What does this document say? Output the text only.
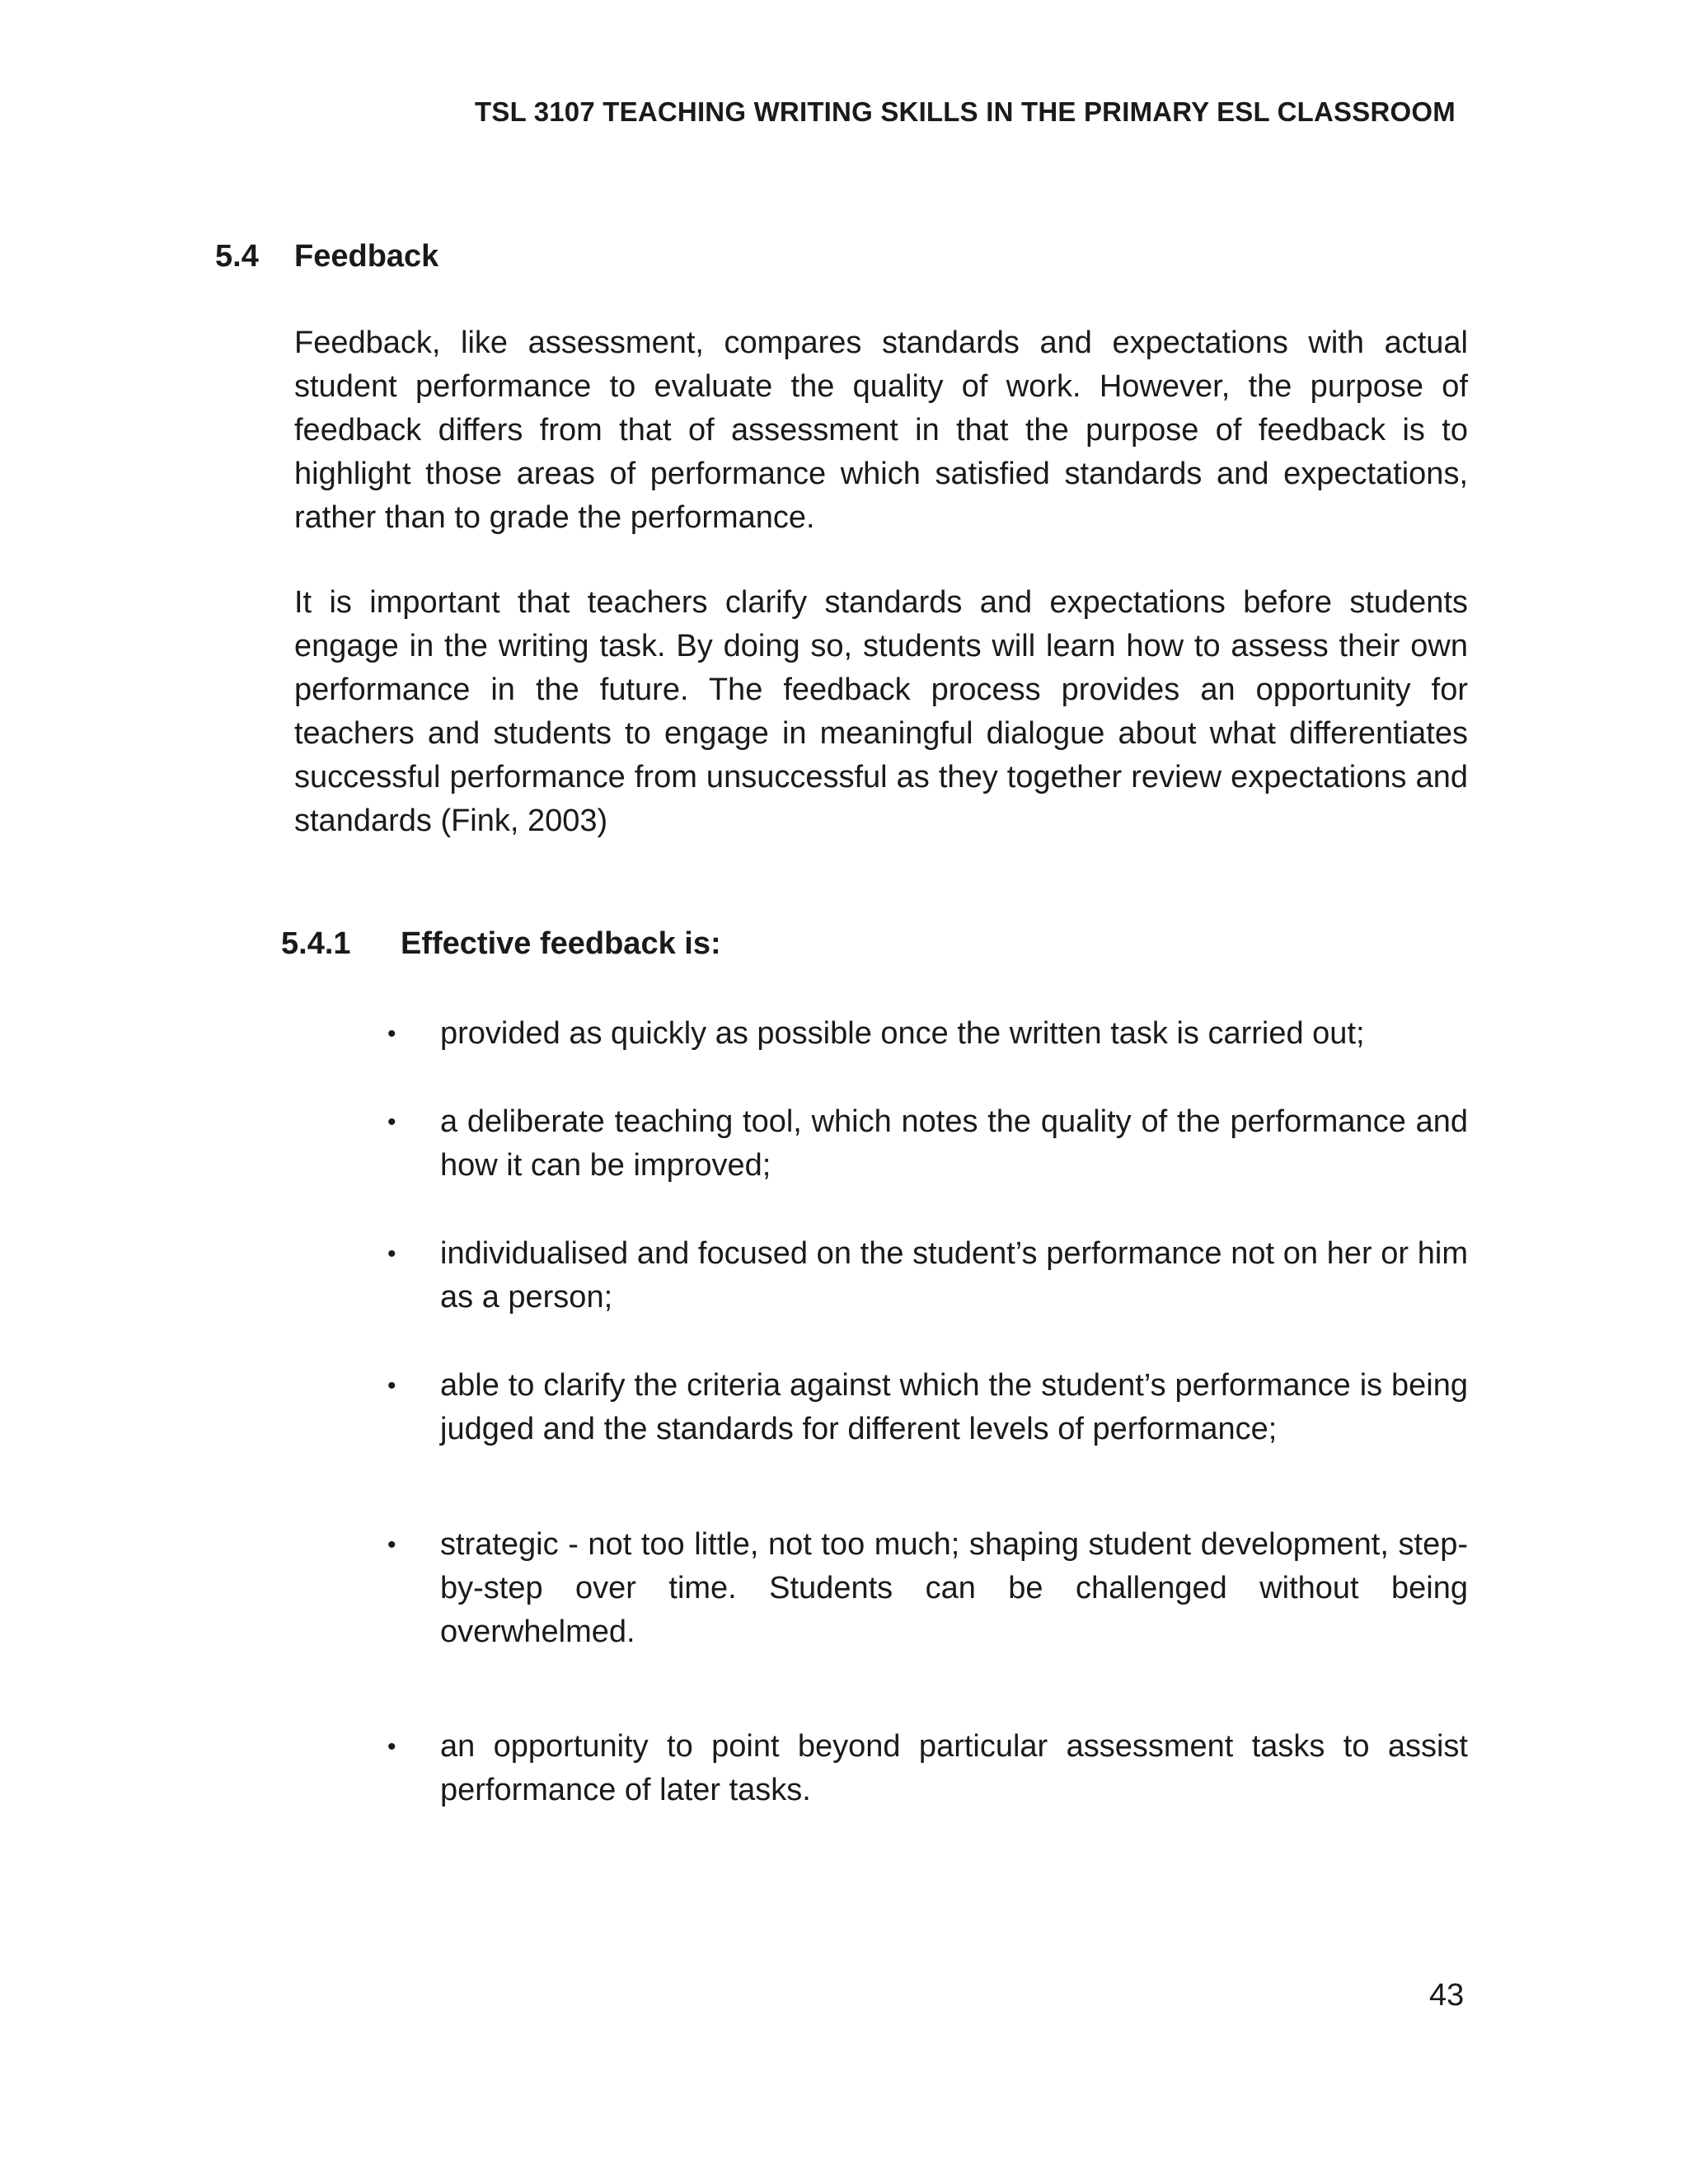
TSL 3107 TEACHING WRITING SKILLS IN THE PRIMARY ESL CLASSROOM
5.4 Feedback

Feedback, like assessment, compares standards and expectations with actual student performance to evaluate the quality of work. However, the purpose of feedback differs from that of assessment in that the purpose of feedback is to highlight those areas of performance which satisfied standards and expectations, rather than to grade the performance.

It is important that teachers clarify standards and expectations before students engage in the writing task. By doing so, students will learn how to assess their own performance in the future. The feedback process provides an opportunity for teachers and students to engage in meaningful dialogue about what differentiates successful performance from unsuccessful as they together review expectations and standards (Fink, 2003)

5.4.1 Effective feedback is:
•	provided as quickly as possible once the written task is carried out;
•	a deliberate teaching tool, which notes the quality of the performance and how it can be improved;
•	individualised and focused on the student’s performance not on her or him as a person;
•	able to clarify the criteria against which the student’s performance is being judged and the standards for different levels of performance;
•	strategic - not too little, not too much; shaping student development, step-by-step over time. Students can be challenged without being overwhelmed.
•	an opportunity to point beyond particular assessment tasks to assist performance of later tasks.
43
